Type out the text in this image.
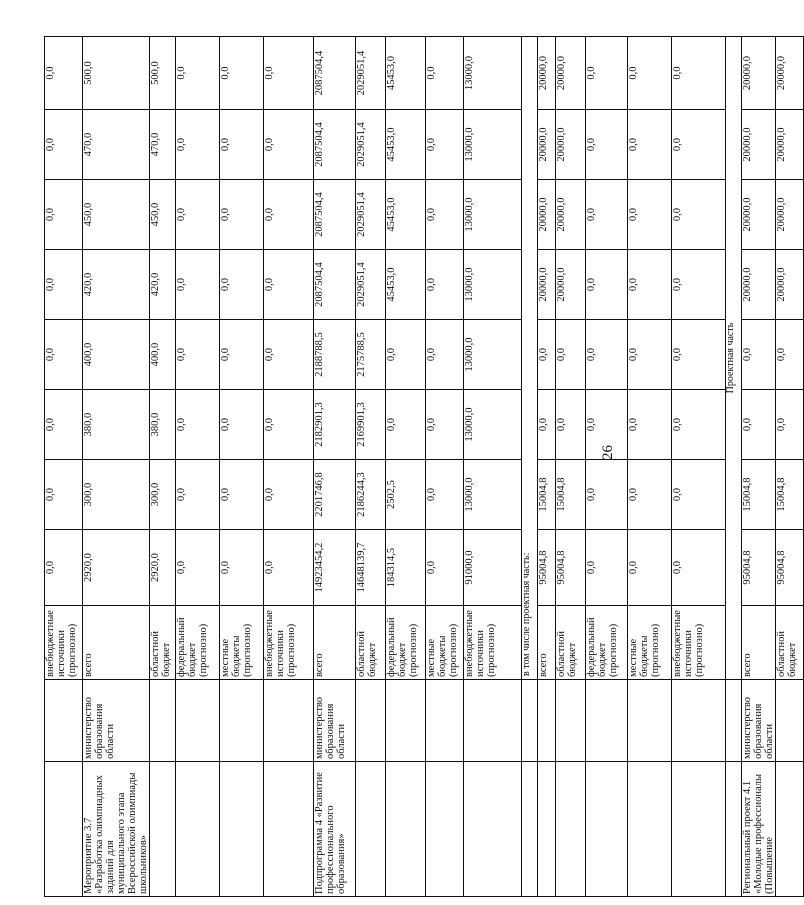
26
		внебюджетные источники (прогнозно)	0,0	0,0	0,0	0,0	0,0	0,0	0,0	0,0
Мероприятие 3.7 «Разработка олимпиадных заданий для муниципального этапа Всероссийской олимпиады школьников»	министерство образования области	всего	2920,0	300,0	380,0	400,0	420,0	450,0	470,0	500,0
		областной бюджет	2920,0	300,0	380,0	400,0	420,0	450,0	470,0	500,0
		федеральный бюджет (прогнозно)	0,0	0,0	0,0	0,0	0,0	0,0	0,0	0,0
		местные бюджеты (прогнозно)	0,0	0,0	0,0	0,0	0,0	0,0	0,0	0,0
		внебюджетные источники (прогнозно)	0,0	0,0	0,0	0,0	0,0	0,0	0,0	0,0
Подпрограмма 4 «Развитие профессионального образования»	министерство образования области	всего	14923454,2	2201746,8	2182901,3	2188788,5	2087504,4	2087504,4	2087504,4	2087504,4
		областной бюджет	14648139,7	2186244,3	2169901,3	2175788,5	2029051,4	2029051,4	2029051,4	2029051,4
		федеральный бюджет (прогнозно)	184314,5	2502,5	0,0	0,0	45453,0	45453,0	45453,0	45453,0
		местные бюджеты (прогнозно)	0,0	0,0	0,0	0,0	0,0	0,0	0,0	0,0
		внебюджетные источники (прогнозно)	91000,0	13000,0	13000,0	13000,0	13000,0	13000,0	13000,0	13000,0
		в том числе проектная часть:								
		всего	95004,8	15004,8	0,0	0,0	20000,0	20000,0	20000,0	20000,0
		областной бюджет	95004,8	15004,8	0,0	0,0	20000,0	20000,0	20000,0	20000,0
		федеральный бюджет (прогнозно)	0,0	0,0	0,0	0,0	0,0	0,0	0,0	0,0
		местные бюджеты (прогнозно)	0,0	0,0	0,0	0,0	0,0	0,0	0,0	0,0
		внебюджетные источники (прогнозно)	0,0	0,0	0,0	0,0	0,0	0,0	0,0	0,0
		Проектная часть								
Региональный проект 4.1 «Молодые профессионалы (Повышение	министерство образования области	всего	95004,8	15004,8	0,0	0,0	20000,0	20000,0	20000,0	20000,0
		областной бюджет	95004,8	15004,8	0,0	0,0	20000,0	20000,0	20000,0	20000,0
